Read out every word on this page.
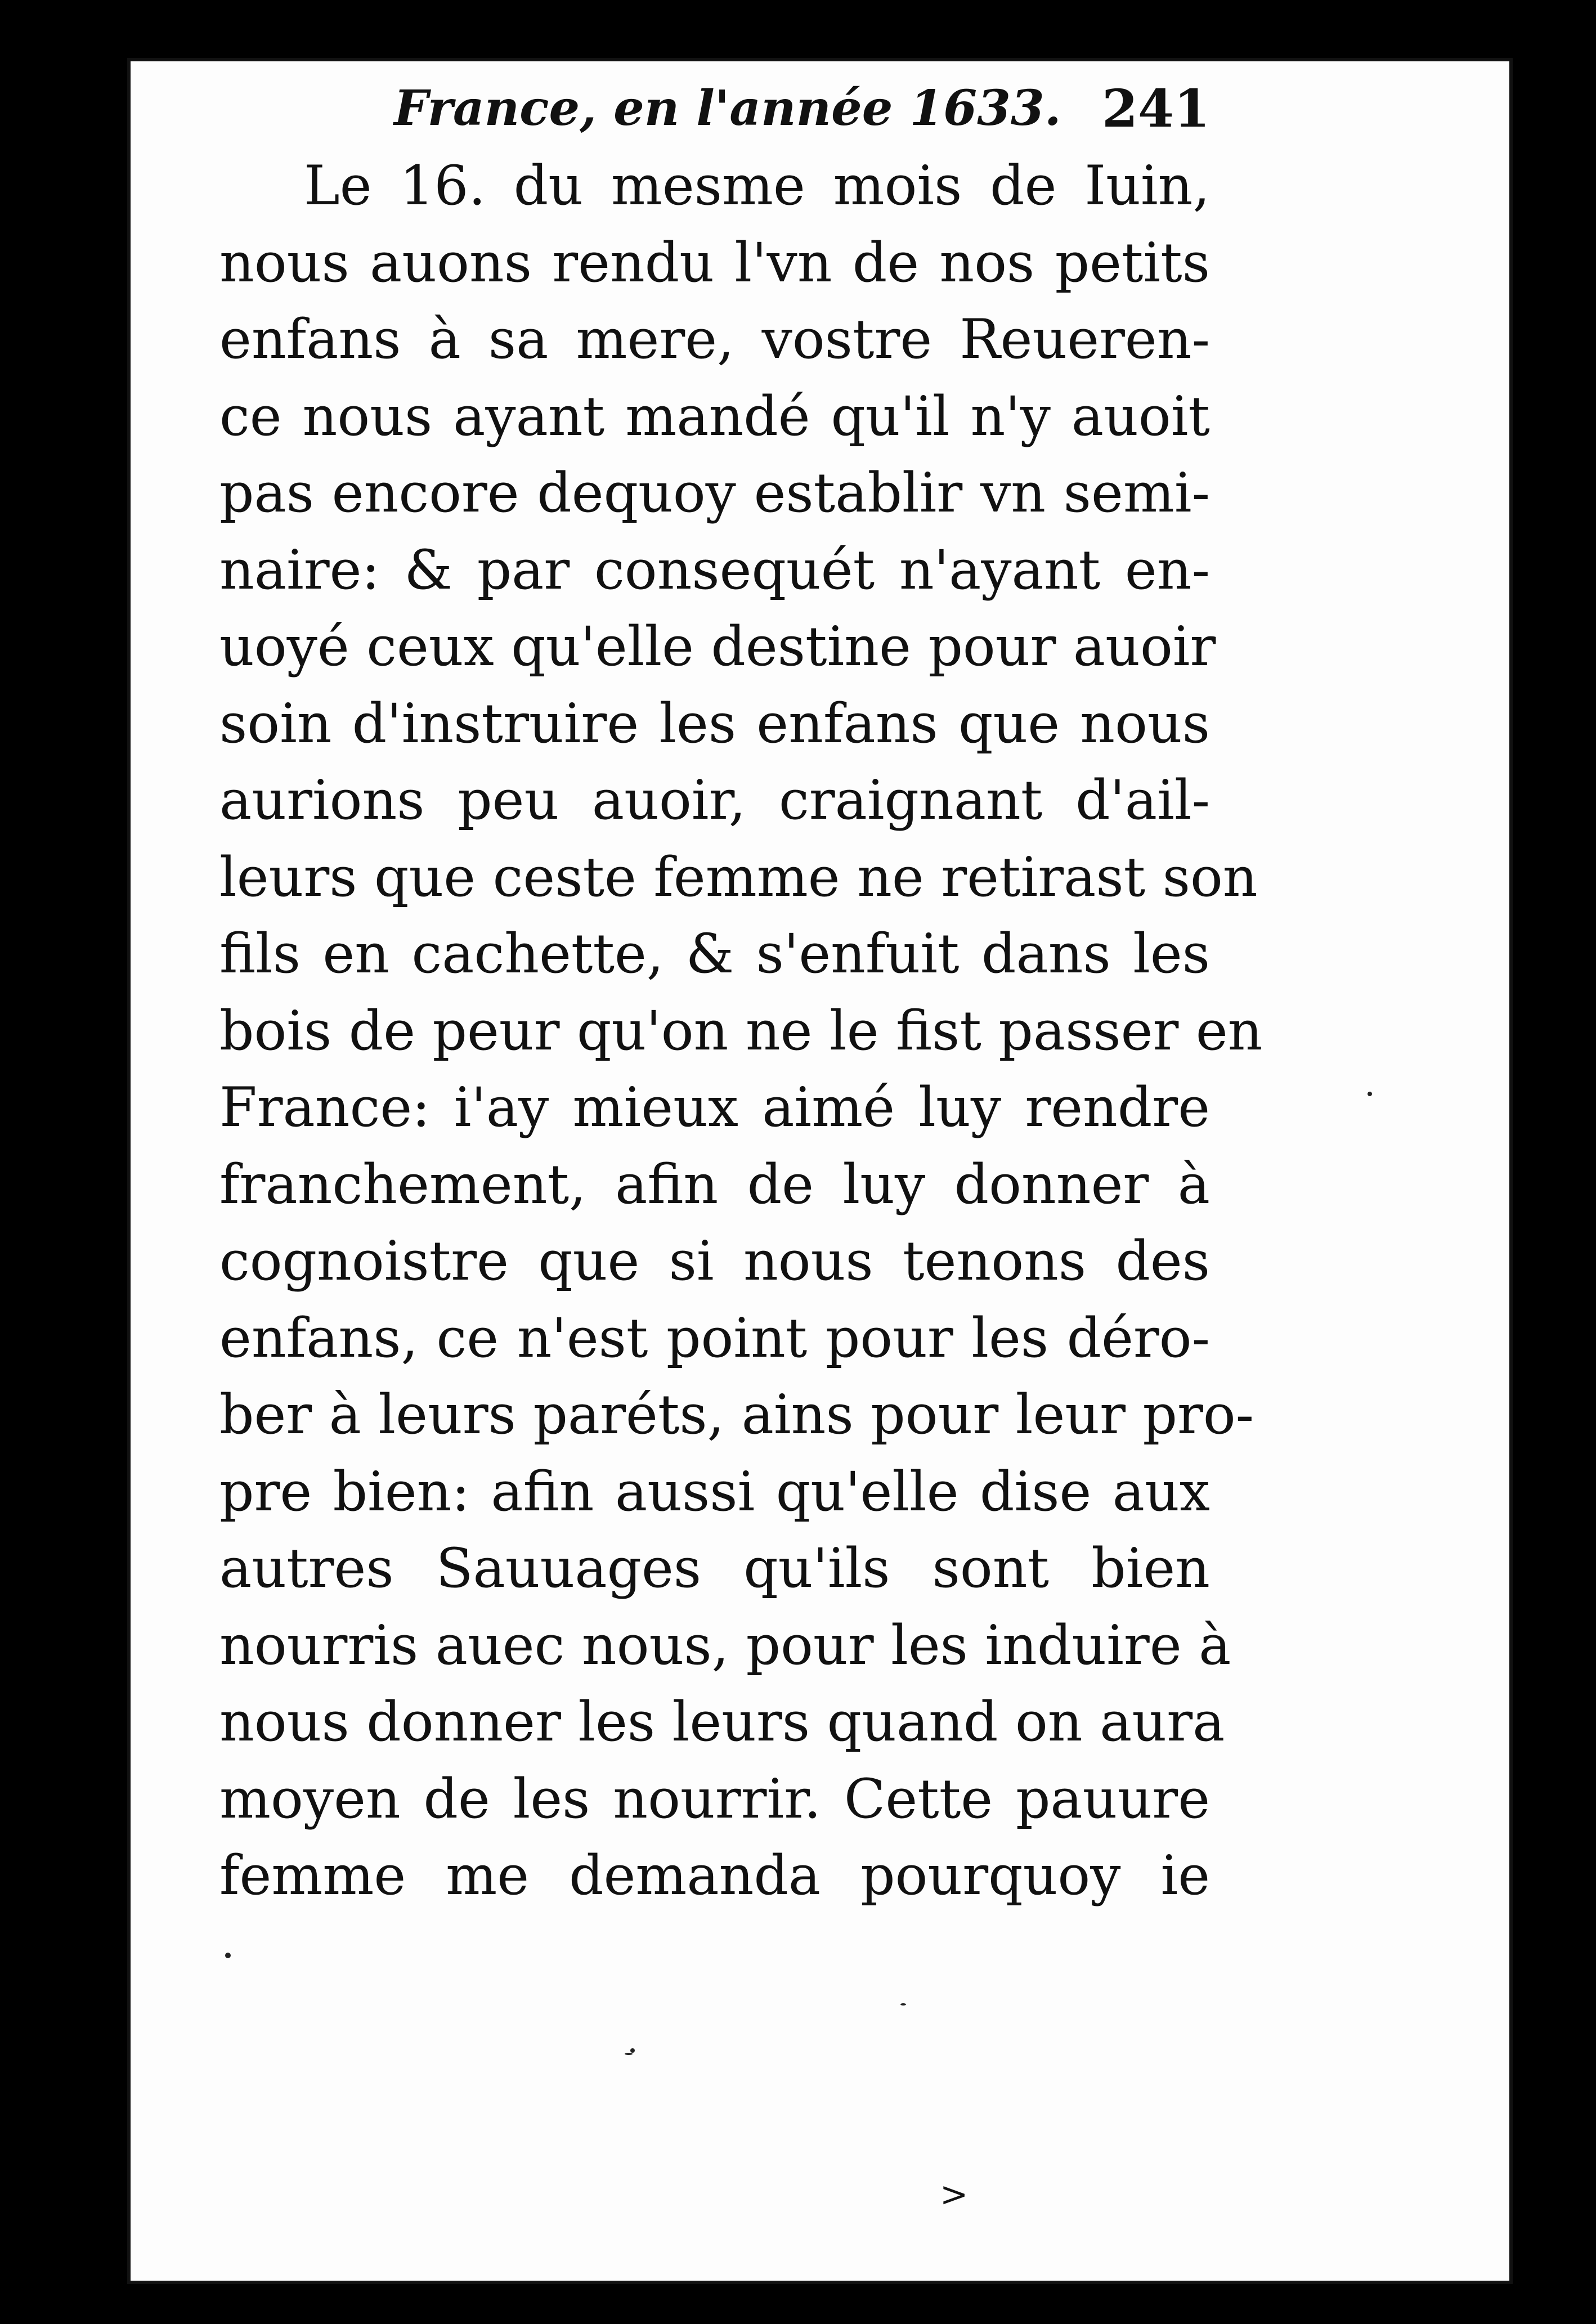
France, en l'année 1633. 241
Le 16. du mesme mois de Iuin,
nous auons rendu l'vn de nos petits
enfans à sa mere, vostre Reueren-
ce nous ayant mandé qu'il n'y auoit
pas encore dequoy establir vn semi-
naire: & par consequét n'ayant en-
uoyé ceux qu'elle destine pour auoir
soin d'instruire les enfans que nous
aurions peu auoir, craignant d'ail-
leurs que ceste femme ne retirast son
fils en cachette, & s'enfuit dans les
bois de peur qu'on ne le fist passer en
France: i'ay mieux aimé luy rendre
franchement, afin de luy donner à
cognoistre que si nous tenons des
enfans, ce n'est point pour les déro-
ber à leurs paréts, ains pour leur pro-
pre bien: afin aussi qu'elle dise aux
autres Sauuages qu'ils sont bien
nourris auec nous, pour les induire à
nous donner les leurs quand on aura
moyen de les nourrir. Cette pauure
femme me demanda pourquoy ie
>
